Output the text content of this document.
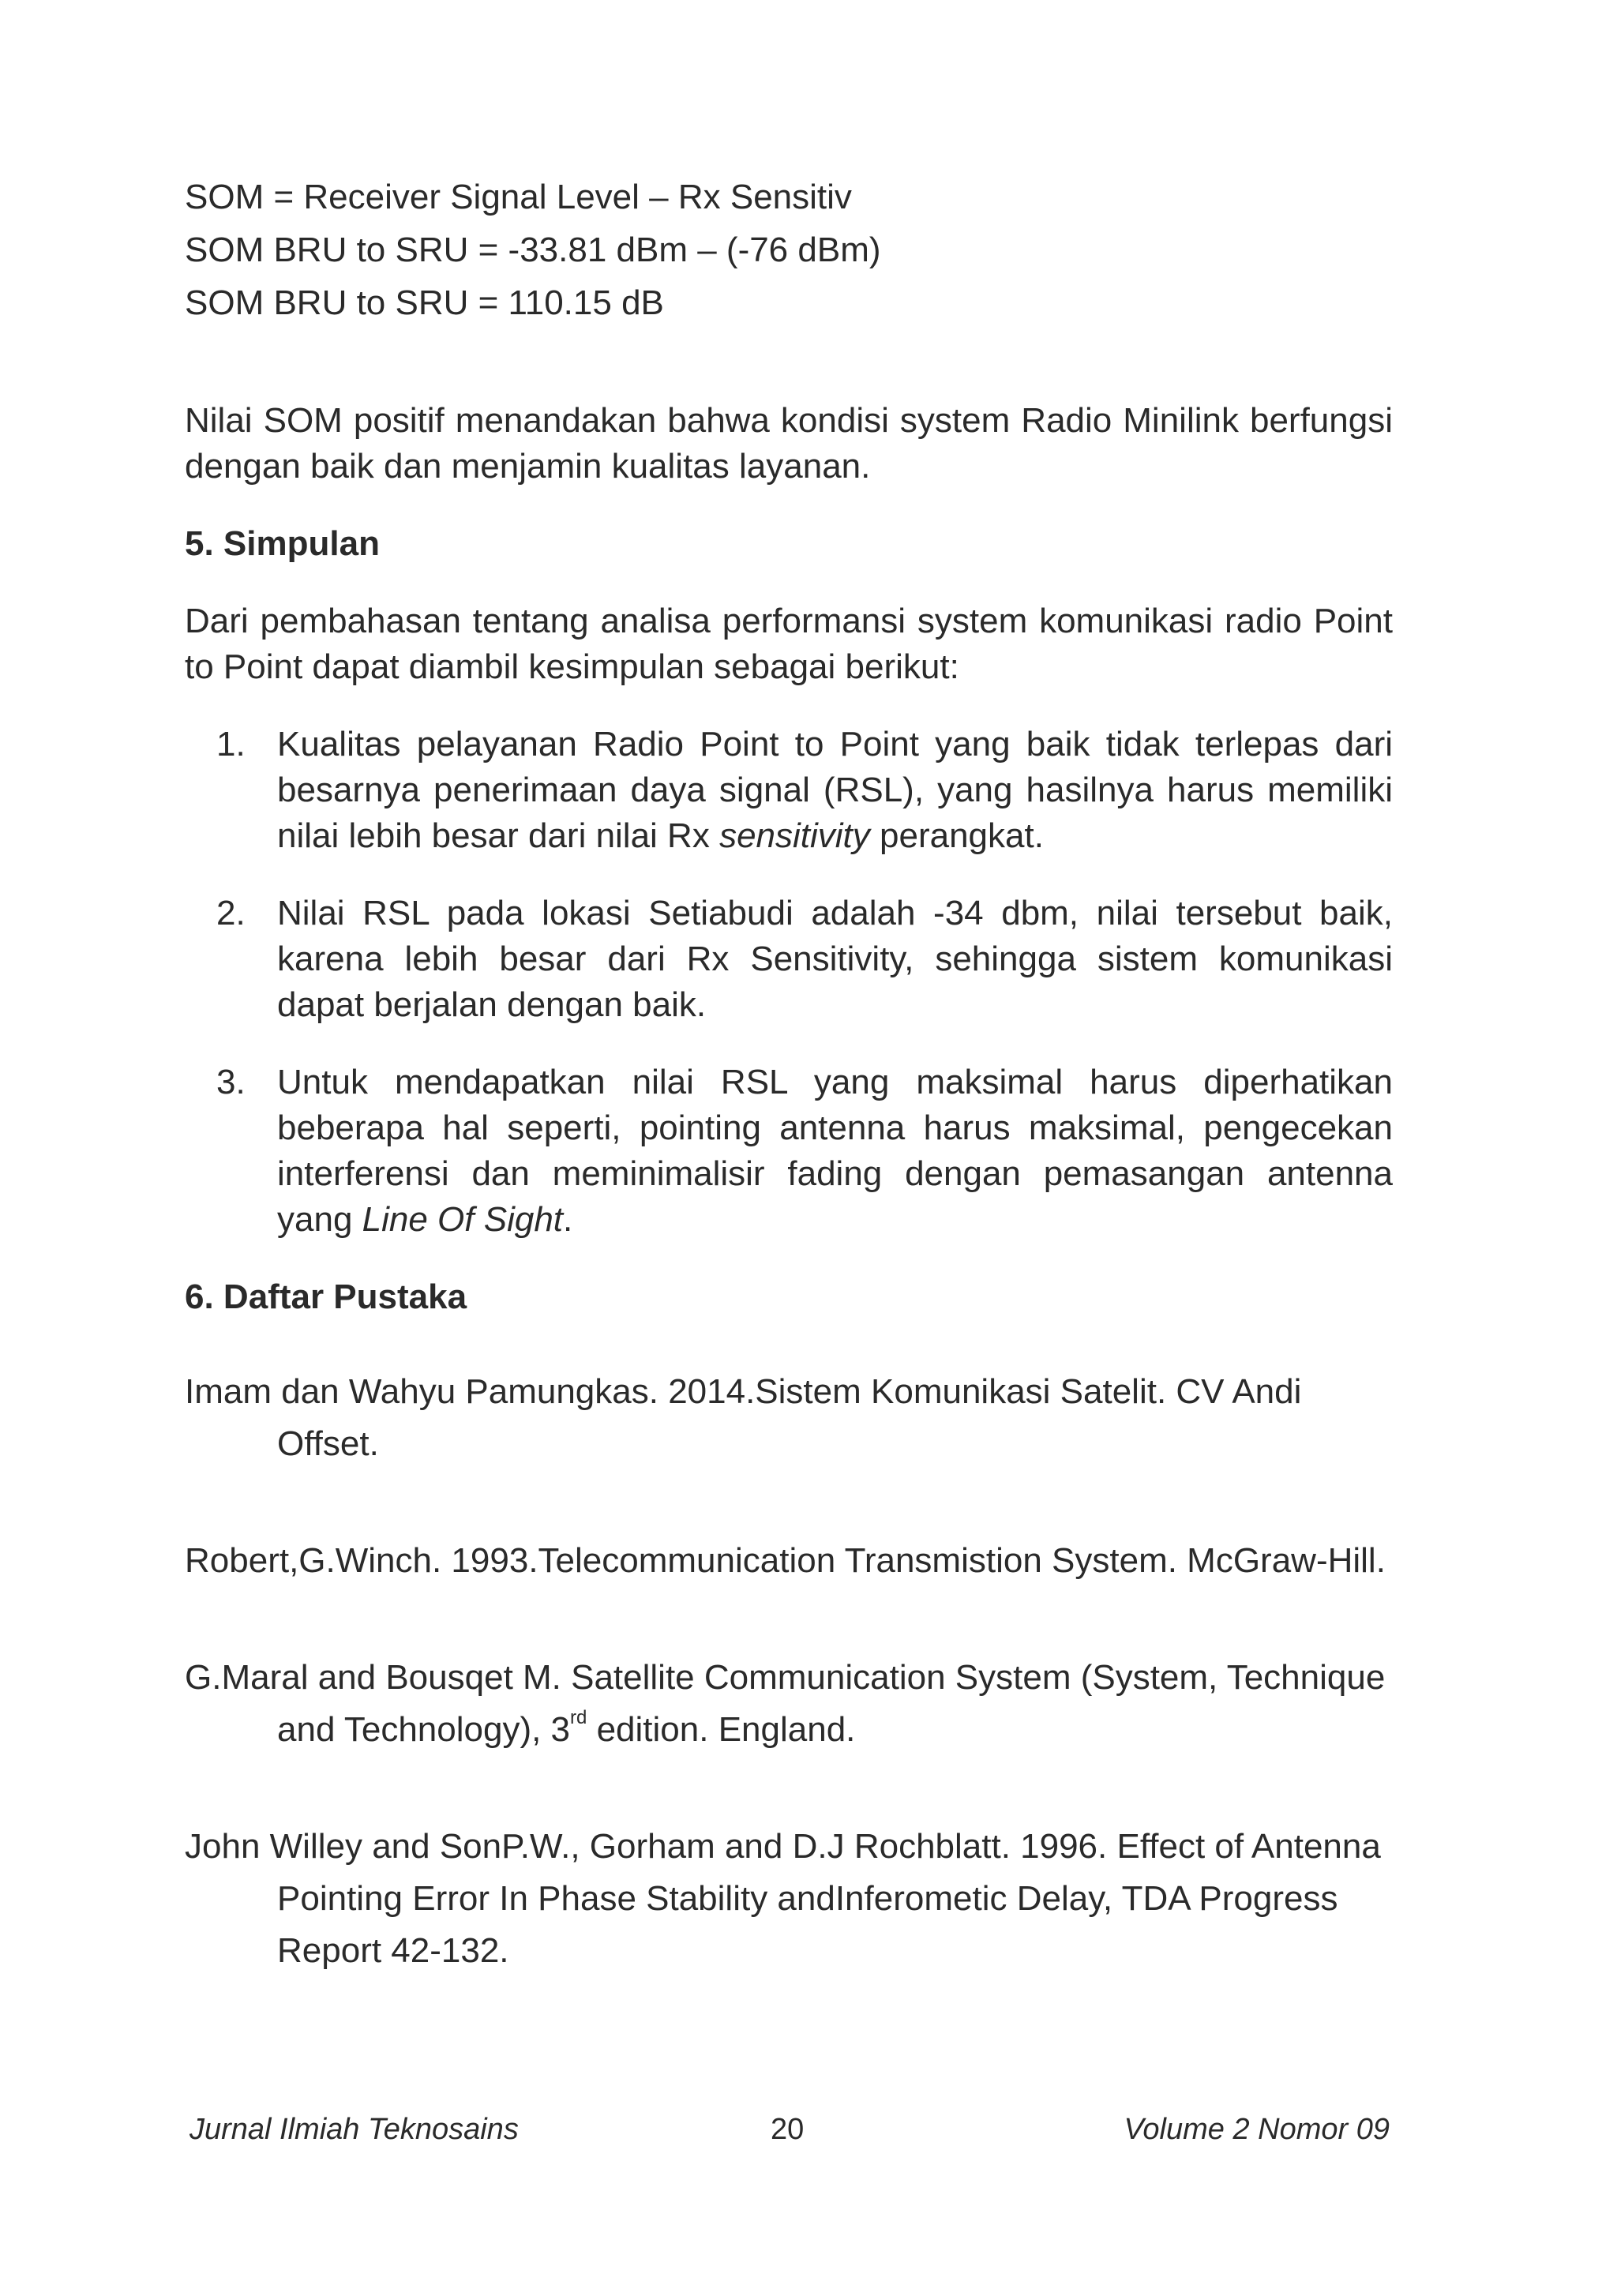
SOM = Receiver Signal Level – Rx Sensitiv

SOM BRU to SRU = -33.81 dBm – (-76 dBm)

SOM BRU to SRU = 110.15 dB

Nilai SOM positif menandakan bahwa kondisi system Radio Minilink berfungsi dengan baik dan menjamin kualitas layanan.

5. Simpulan

Dari pembahasan tentang analisa performansi system komunikasi radio Point to Point dapat diambil kesimpulan sebagai berikut:

1. Kualitas pelayanan Radio Point to Point yang baik tidak terlepas dari besarnya penerimaan daya signal (RSL), yang hasilnya harus memiliki nilai lebih besar dari nilai Rx sensitivity perangkat.
2. Nilai RSL pada lokasi Setiabudi adalah -34 dbm, nilai tersebut baik, karena lebih besar dari Rx Sensitivity, sehingga sistem komunikasi dapat berjalan dengan baik.
3. Untuk mendapatkan nilai RSL yang maksimal harus diperhatikan beberapa hal seperti, pointing antenna harus maksimal, pengecekan interferensi dan meminimalisir fading dengan pemasangan antenna yang Line Of Sight.

6. Daftar Pustaka

Imam dan Wahyu Pamungkas. 2014.Sistem Komunikasi Satelit. CV Andi Offset.

Robert,G.Winch. 1993.Telecommunication Transmistion System. McGraw-Hill.

G.Maral and Bousqet M. Satellite Communication System (System, Technique and Technology), 3rd edition. England.

John Willey and SonP.W., Gorham and D.J Rochblatt. 1996. Effect of Antenna Pointing Error In Phase Stability andInferometic Delay, TDA Progress Report 42-132.

Jurnal Ilmiah Teknosains	20	Volume 2 Nomor 09
